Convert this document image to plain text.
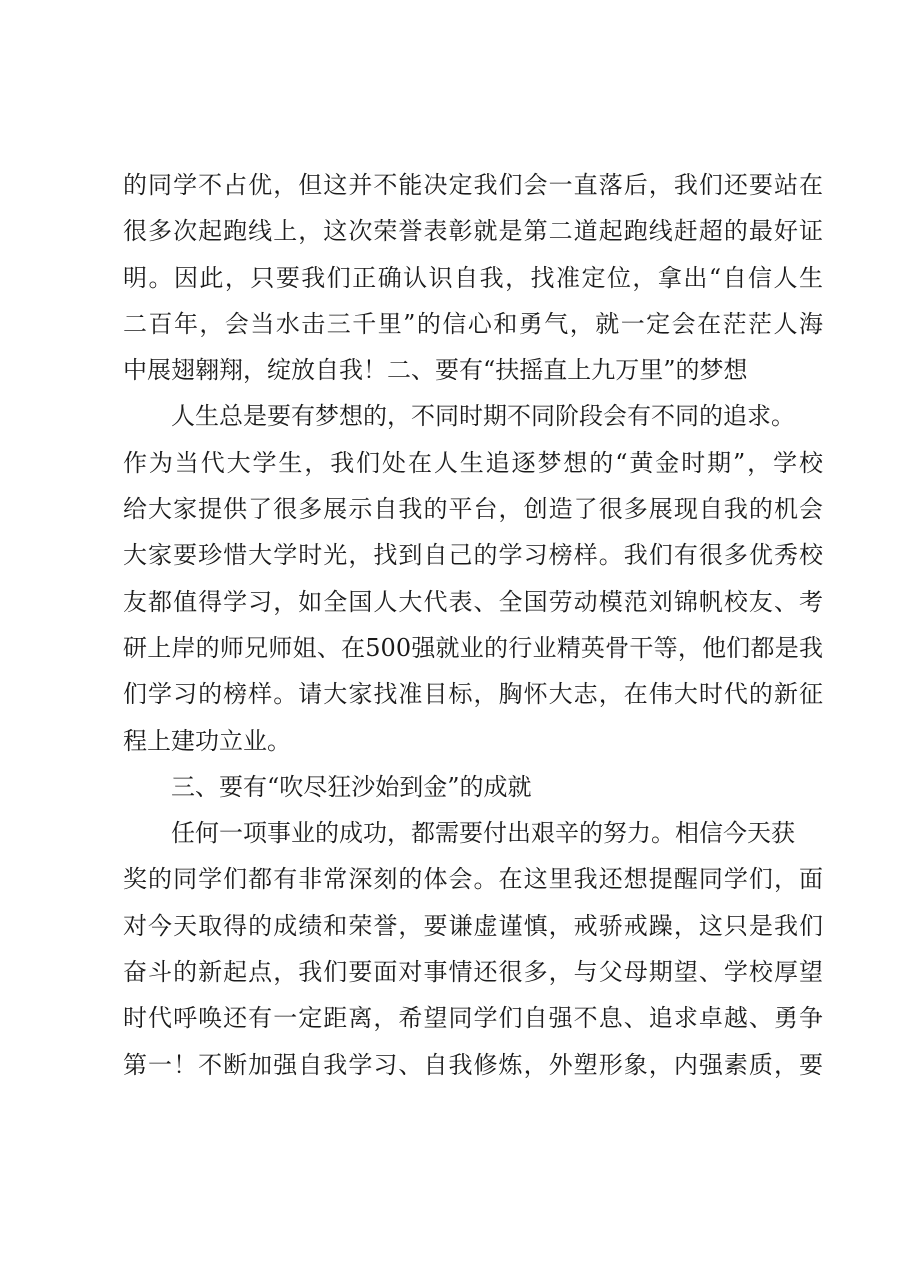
的同学不占优，但这并不能决定我们会一直落后，我们还要站在
很多次起跑线上，这次荣誉表彰就是第二道起跑线赶超的最好证
明。因此，只要我们正确认识自我，找准定位，拿出“自信人生
二百年，会当水击三千里”的信心和勇气，就一定会在茫茫人海
中展翅翱翔，绽放自我！二、要有“扶摇直上九万里”的梦想
人生总是要有梦想的，不同时期不同阶段会有不同的追求。
作为当代大学生，我们处在人生追逐梦想的“黄金时期”，学校
给大家提供了很多展示自我的平台，创造了很多展现自我的机会
大家要珍惜大学时光，找到自己的学习榜样。我们有很多优秀校
友都值得学习，如全国人大代表、全国劳动模范刘锦帆校友、考
研上岸的师兄师姐、在500强就业的行业精英骨干等，他们都是我
们学习的榜样。请大家找准目标，胸怀大志，在伟大时代的新征
程上建功立业。
三、要有“吹尽狂沙始到金”的成就
任何一项事业的成功，都需要付出艰辛的努力。相信今天获
奖的同学们都有非常深刻的体会。在这里我还想提醒同学们，面
对今天取得的成绩和荣誉，要谦虚谨慎，戒骄戒躁，这只是我们
奋斗的新起点，我们要面对事情还很多，与父母期望、学校厚望
时代呼唤还有一定距离，希望同学们自强不息、追求卓越、勇争
第一！不断加强自我学习、自我修炼，外塑形象，内强素质，要
